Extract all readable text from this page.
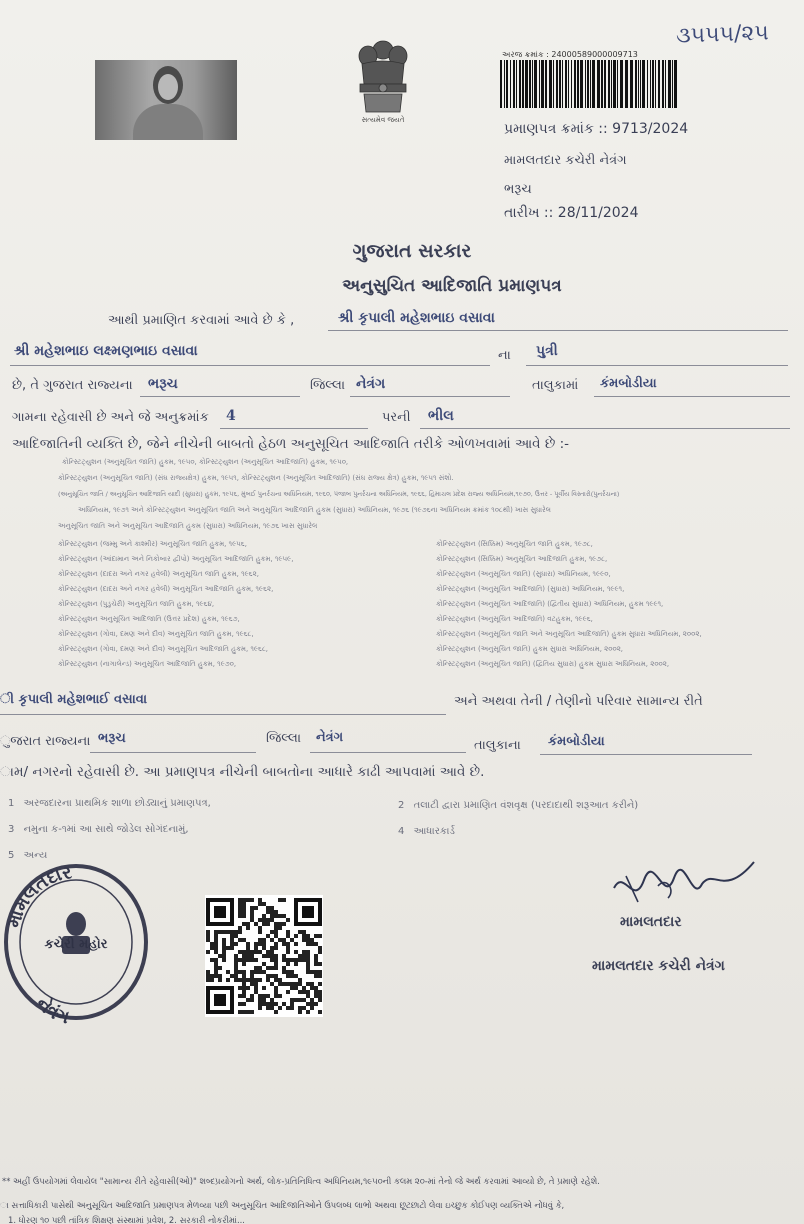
૩૫૫૫/૨૫
સત્યમેવ જયતે
અરજ ક્રમાંક : 24000589000009713
પ્રમાણપત્ર ક્રમાંક :: 9713/2024
મામલતદાર કચેરી નેત્રંગ
ભરૂચ
તારીખ :: 28/11/2024
ગુજરાત સરકાર
અનુસુચિત આદિજાતિ પ્રમાણપત્ર
આથી પ્રમાણિત કરવામાં આવે છે કે ,	શ્રી કૃપાલી મહેશભાઇ વસાવા
શ્રી મહેશભાઇ લક્ષ્મણભાઇ વસાવા	ના પુત્રી
છે, તે ગુજરાત રાજ્યના ભરૂચ	જિલ્લા નેત્રંગ	તાલુકામાં કંમબોડીયા
ગામના રહેવાસી છે અને જે અનુક્રમાંક 4	પરની ભીલ
આદિજાતિની વ્યક્તિ છે, જેને નીચેની બાબતો હેઠળ અનુસૂચિત આદિજાતિ તરીકે ઓળખવામાં આવે છે :-
કોન્સ્ટિટ્યુશન (અનુસૂચિત જાતિ) હુકમ, ૧૯૫૦, કોન્સ્ટિટ્યુશન (અનુસૂચિત આદિજાતિ) હુકમ, ૧૯૫૦,
કોન્સ્ટિટ્યુશન (અનુસૂચિત જાતિ) (સંઘ રાજ્યક્ષેત્ર) હુકમ, ૧૯૫૧, કોન્સ્ટિટ્યુશન (અનુસૂચિત આદિજાતિ) (સંઘ રાજ્ય ક્ષેત્ર) હુકમ, ૧૯૫૧ સંશો.
(અનુસૂચિત જાતિ / અનુસૂચિત આદિજાતિ યાદી (સુધારા) હુકમ, ૧૯૫૬, મુંબઈ પુનર્રચના અધિનિયમ, ૧૯૬૦, પંજાબ પુનર્રચના અધિનિયમ, ૧૯૬૬, હિમાચલ પ્રદેશ રાજ્ય અધિનિયમ,૧૯૭૦, ઉત્તર - પૂર્વીય વિસ્તારો(પુનર્રચના)
અધિનિયમ, ૧૯૭૧ અને કોન્સ્ટિટ્યુશન અનુસૂચિત જાતિ અને અનુસૂચિત આદિજાતિ હુકમ (સુધારા) અધિનિયમ, ૧૯૭૬ (૧૯૭૬ના અધિનિયમ ક્રમાંક ૧૦૮થી) ખાસ સુધારેલ
અનુસૂચિત જાતિ અને અનુસૂચિત આદિજાતિ હુકમ (સુધારા) અધિનિયમ, ૧૯૭૬ ખાસ સુધારેલ
કોન્સ્ટિટ્યુશન (જમ્મુ અને કાશ્મીર) અનુસૂચિત જાતિ હુકમ, ૧૯૫૬,
કોન્સ્ટિટ્યુશન (આંદામાન અને નિકોબાર દ્વીપો) અનુસૂચિત આદિજાતિ હુકમ, ૧૯૫૯,
કોન્સ્ટિટ્યુશન (દાદરા અને નગર હવેલી) અનુસૂચિત જાતિ હુકમ, ૧૯૬૨,
કોન્સ્ટિટ્યુશન (દાદરા અને નગર હવેલી) અનુસૂચિત આદિજાતિ હુકમ, ૧૯૬૨,
કોન્સ્ટિટ્યુશન (પુડુચેરી) અનુસૂચિત જાતિ હુકમ, ૧૯૬૪,
કોન્સ્ટિટ્યુશન અનુસૂચિત આદિજાતિ (ઉત્તર પ્રદેશ) હુકમ, ૧૯૬૭,
કોન્સ્ટિટ્યુશન (ગોવા, દમણ અને દીવ) અનુસૂચિત જાતિ હુકમ, ૧૯૬૮,
કોન્સ્ટિટ્યુશન (ગોવા, દમણ અને દીવ) અનુસૂચિત આદિજાતિ હુકમ, ૧૯૬૮,
કોન્સ્ટિટ્યુશન (નાગાલેન્ડ) અનુસૂચિત આદિજાતિ હુકમ, ૧૯૭૦,
કોન્સ્ટિટ્યુશન (સિક્કિમ) અનુસૂચિત જાતિ હુકમ, ૧૯૭૮,
કોન્સ્ટિટ્યુશન (સિક્કિમ) અનુસૂચિત આદિજાતિ હુકમ, ૧૯૭૮,
કોન્સ્ટિટ્યુશન (અનુસૂચિત જાતિ) (સુધારા) અધિનિયમ, ૧૯૯૦,
કોન્સ્ટિટ્યુશન (અનુસૂચિત આદિજાતિ) (સુધારા) અધિનિયમ, ૧૯૯૧,
કોન્સ્ટિટ્યુશન (અનુસૂચિત આદિજાતિ) (દ્વિતીય સુધારા) અધિનિયમ, હુકમ ૧૯૯૧,
કોન્સ્ટિટ્યુશન (અનુસૂચિત આદિજાતિ) વટહુકમ, ૧૯૯૬,
કોન્સ્ટિટ્યુશન (અનુસૂચિત જાતિ અને અનુસૂચિત આદિજાતિ) હુકમ સુધારા અધિનિયમ, ૨૦૦૨,
કોન્સ્ટિટ્યુશન (અનુસૂચિત જાતિ) હુકમ સુધારા અધિનિયમ, ૨૦૦૨,
કોન્સ્ટિટ્યુશન (અનુસૂચિત જાતિ) (દ્વિતિય સુધારા) હુકમ સુધારા અધિનિયમ, ૨૦૦૨,
ી કૃપાલી મહેશભાઈ વસાવા	અને અથવા તેની / તેણીનો પરિવાર સામાન્ય રીતે
ુજરાત રાજ્યના ભરૂચ	જિલ્લા નેત્રંગ
તાલુકાના કંમબોડીયા
ામ/ નગરનો રહેવાસી છે. આ પ્રમાણપત્ર નીચેની બાબતોના આધારે કાઢી આપવામાં આવે છે.
1 અરજદારના પ્રાથમિક શાળા છોડ્યાનું પ્રમાણપત્ર,	2 તલાટી દ્વારા પ્રમાણિત વંશવૃક્ષ (પરદાદાથી શરૂઆત કરીને)
3 નમુના ક-૧માં આ સાથે જોડેલ સોગંદનામું,	4 આધારકાર્ડ
5 અન્ય
મામલતદાર
નેત્રંગ
કચેરી મહોર
મામલતદાર
મામલતદાર કચેરી નેત્રંગ
** અહીં ઉપયોગમાં લેવાયેલ "સામાન્ય રીતે રહેવાસી(ઓ)" શબ્દપ્રયોગનો અર્થ, લોક-પ્રતિનિધિત્વ અધિનિયમ,૧૯૫૦ની કલમ ૨૦-માં તેનો જે અર્થ કરવામાં આવ્યો છે, તે પ્રમાણે રહેશે.
ા સત્તાધિકારી પાસેથી અનુસૂચિત આદિજાતિ પ્રમાણપત્ર મેળવ્યા પછી અનુસૂચિત આદિજાતિઓને ઉપલબ્ધ લાભો અથવા છૂટછાટો લેવા ઇચ્છુક કોઈપણ વ્યક્તિએ નોંધવું કે,
1. ધોરણ ૧૦ પછી તાંત્રિક શિક્ષણ સંસ્થામાં પ્રવેશ, 2. સરકારી નોકરીમાં...
